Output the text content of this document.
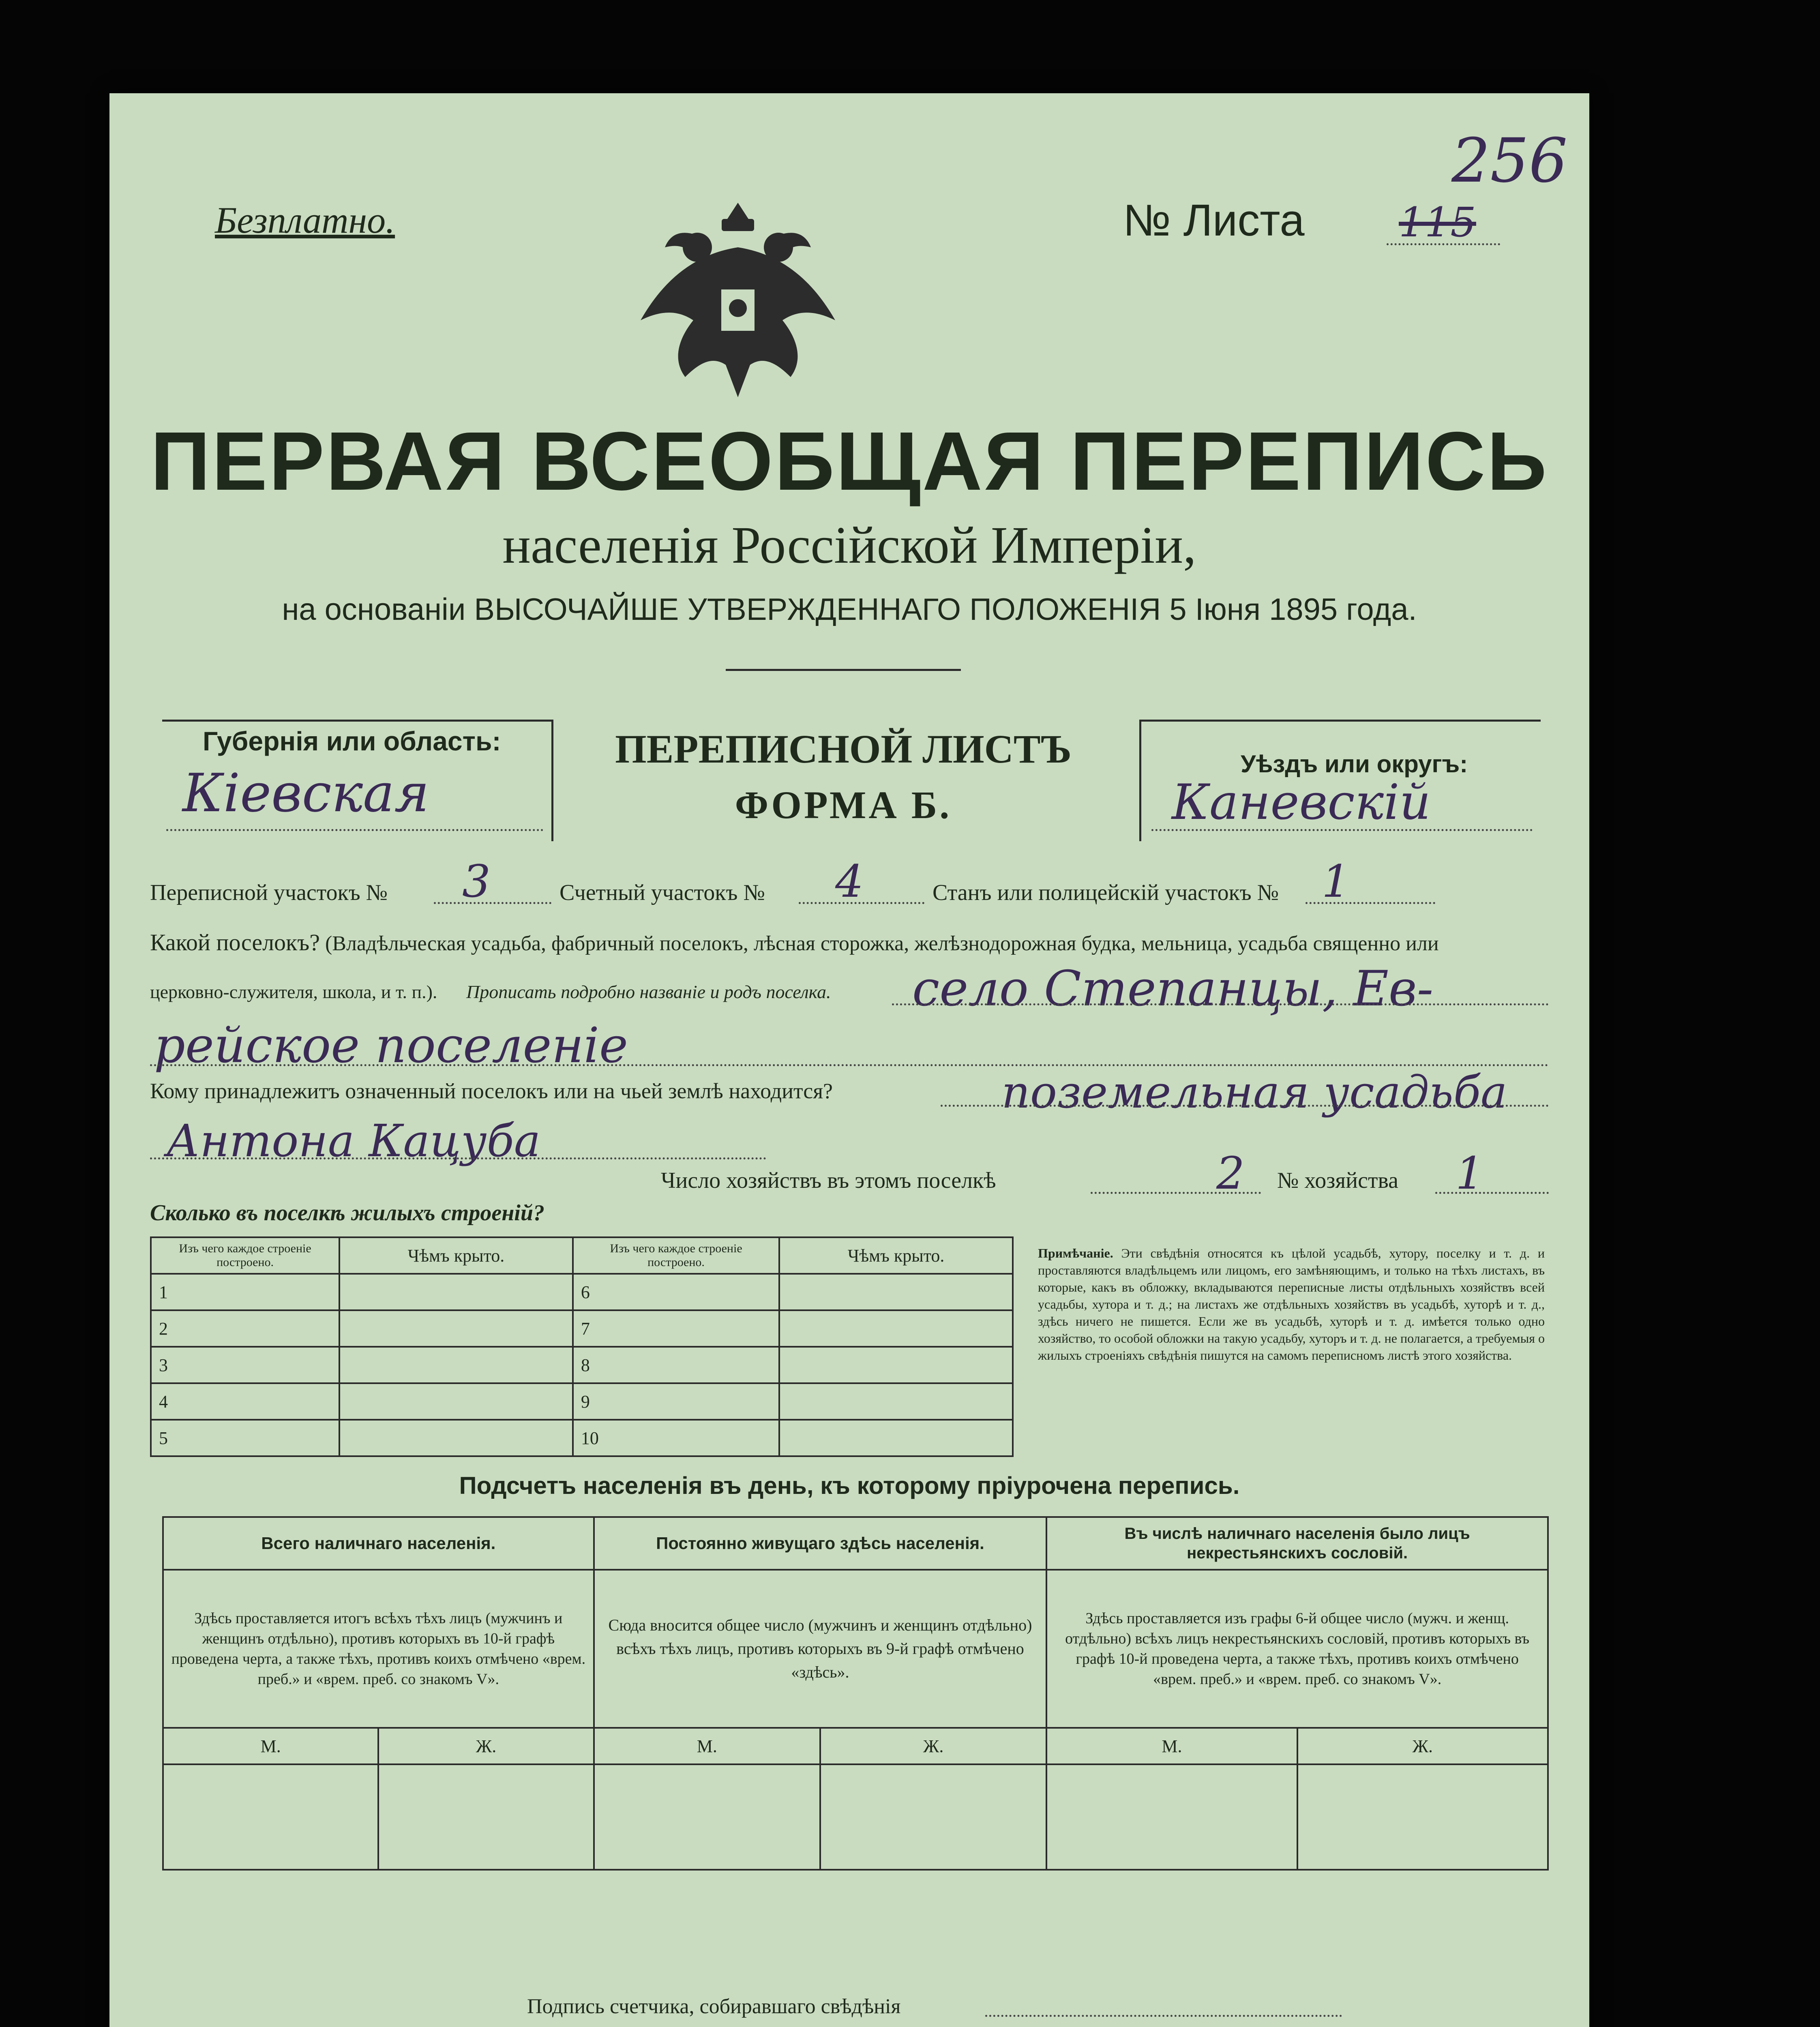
256
Безплатно.	№ Листа 115
ПЕРВАЯ ВСЕОБЩАЯ ПЕРЕПИСЬ
населенія Россійской Имперіи,
на основаніи ВЫСОЧАЙШЕ УТВЕРЖДЕННАГО ПОЛОЖЕНІЯ 5 Іюня 1895 года.
Губернія или область:
Кіевская
ПЕРЕПИСНОЙ ЛИСТЪ
ФОРМА Б.
Уѣздъ или округъ:
Каневскій
Переписной участокъ № 3	Счетный участокъ № 4	Станъ или полицейскій участокъ № 1
Какой поселокъ? (Владѣльческая усадьба, фабричный поселокъ, лѣсная сторожка, желѣзнодорожная будка, мельница, усадьба священно или
церковно-служителя, школа, и т. п.). Прописать подробно названіе и родъ поселка. село Степанцы, Ев-
рейское поселеніе
Кому принадлежитъ означенный поселокъ или на чьей землѣ находится?	поземельная усадьба
Антона Кацуба
Число хозяйствъ въ этомъ поселкѣ	2 № хозяйства 1
Сколько въ поселкѣ жилыхъ строеній?
Изъ чего каждое строеніе построено.	Чѣмъ крыто.	Изъ чего каждое строеніе построено.	Чѣмъ крыто.
1		6	
2		7	
3		8	
4		9	
5		10	
Примѣчаніе. Эти свѣдѣнія относятся къ цѣлой усадьбѣ, хутору, поселку и т. д. и проставляются владѣльцемъ или лицомъ, его замѣняющимъ, и только на тѣхъ листахъ, въ которые, какъ въ обложку, вкладываются переписные листы отдѣльныхъ хозяйствъ всей усадьбы, хутора и т. д.; на листахъ же отдѣльныхъ хозяйствъ въ усадьбѣ, хуторѣ и т. д., здѣсь ничего не пишется. Если же въ усадьбѣ, хуторѣ и т. д. имѣется только одно хозяйство, то особой обложки на такую усадьбу, хуторъ и т. д. не полагается, а требуемыя о жилыхъ строеніяхъ свѣдѣнія пишутся на самомъ переписномъ листѣ этого хозяйства.
Подсчетъ населенія въ день, къ которому пріурочена перепись.
Всего наличнаго населенія.		Постоянно живущаго здѣсь населенія.		Въ числѣ наличнаго населенія было лицъ некрестьянскихъ сословій.	
Здѣсь проставляется итогъ всѣхъ тѣхъ лицъ (мужчинъ и женщинъ отдѣльно), противъ которыхъ въ 10-й графѣ проведена черта, а также тѣхъ, противъ коихъ отмѣчено «врем. преб.» и «врем. преб. со знакомъ V».		Сюда вносится общее число (мужчинъ и женщинъ отдѣльно) всѣхъ тѣхъ лицъ, противъ которыхъ въ 9-й графѣ отмѣчено «здѣсь».		Здѣсь проставляется изъ графы 6-й общее число (мужч. и женщ. отдѣльно) всѣхъ лицъ некрестьянскихъ сословій, противъ которыхъ въ графѣ 10-й проведена черта, а также тѣхъ, противъ коихъ отмѣчено «врем. преб.» и «врем. преб. со знакомъ V».	
М.	Ж.	М.	Ж.	М.	Ж.

Подпись счетчика, собиравшаго свѣдѣнія
